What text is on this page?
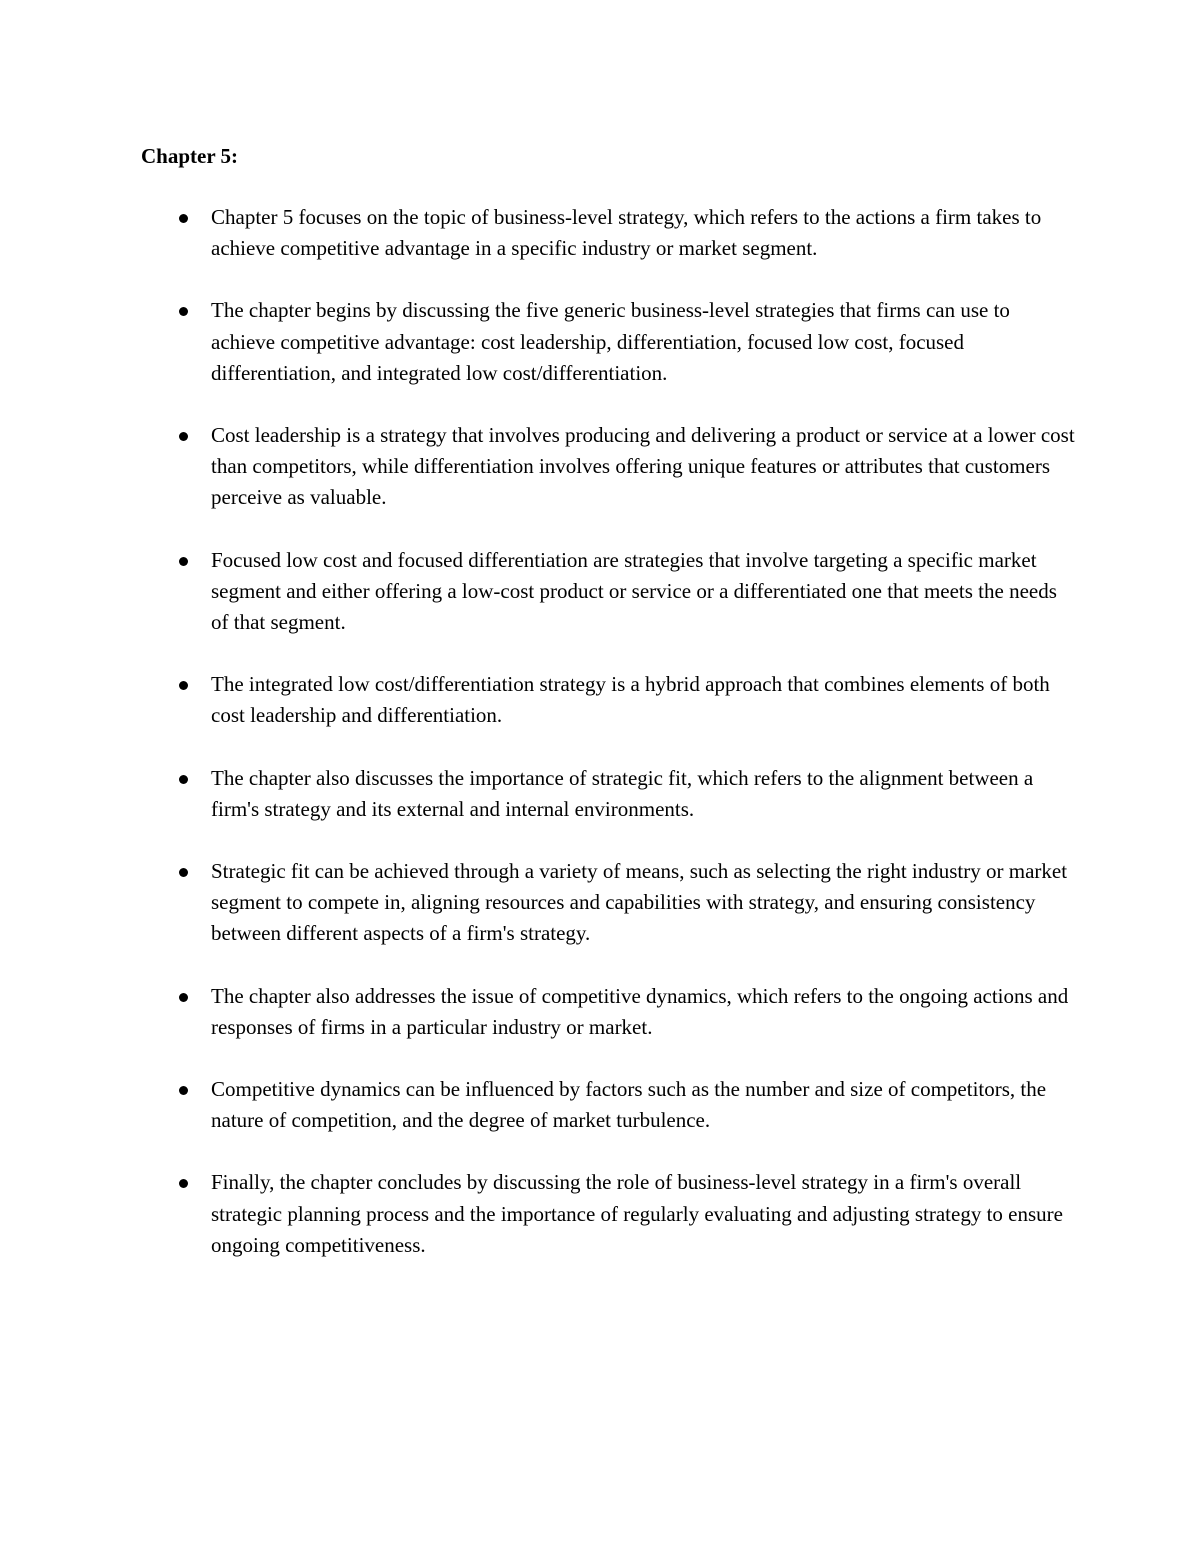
Chapter 5:
Chapter 5 focuses on the topic of business-level strategy, which refers to the actions a firm takes to achieve competitive advantage in a specific industry or market segment.
The chapter begins by discussing the five generic business-level strategies that firms can use to achieve competitive advantage: cost leadership, differentiation, focused low cost, focused differentiation, and integrated low cost/differentiation.
Cost leadership is a strategy that involves producing and delivering a product or service at a lower cost than competitors, while differentiation involves offering unique features or attributes that customers perceive as valuable.
Focused low cost and focused differentiation are strategies that involve targeting a specific market segment and either offering a low-cost product or service or a differentiated one that meets the needs of that segment.
The integrated low cost/differentiation strategy is a hybrid approach that combines elements of both cost leadership and differentiation.
The chapter also discusses the importance of strategic fit, which refers to the alignment between a firm's strategy and its external and internal environments.
Strategic fit can be achieved through a variety of means, such as selecting the right industry or market segment to compete in, aligning resources and capabilities with strategy, and ensuring consistency between different aspects of a firm's strategy.
The chapter also addresses the issue of competitive dynamics, which refers to the ongoing actions and responses of firms in a particular industry or market.
Competitive dynamics can be influenced by factors such as the number and size of competitors, the nature of competition, and the degree of market turbulence.
Finally, the chapter concludes by discussing the role of business-level strategy in a firm's overall strategic planning process and the importance of regularly evaluating and adjusting strategy to ensure ongoing competitiveness.
